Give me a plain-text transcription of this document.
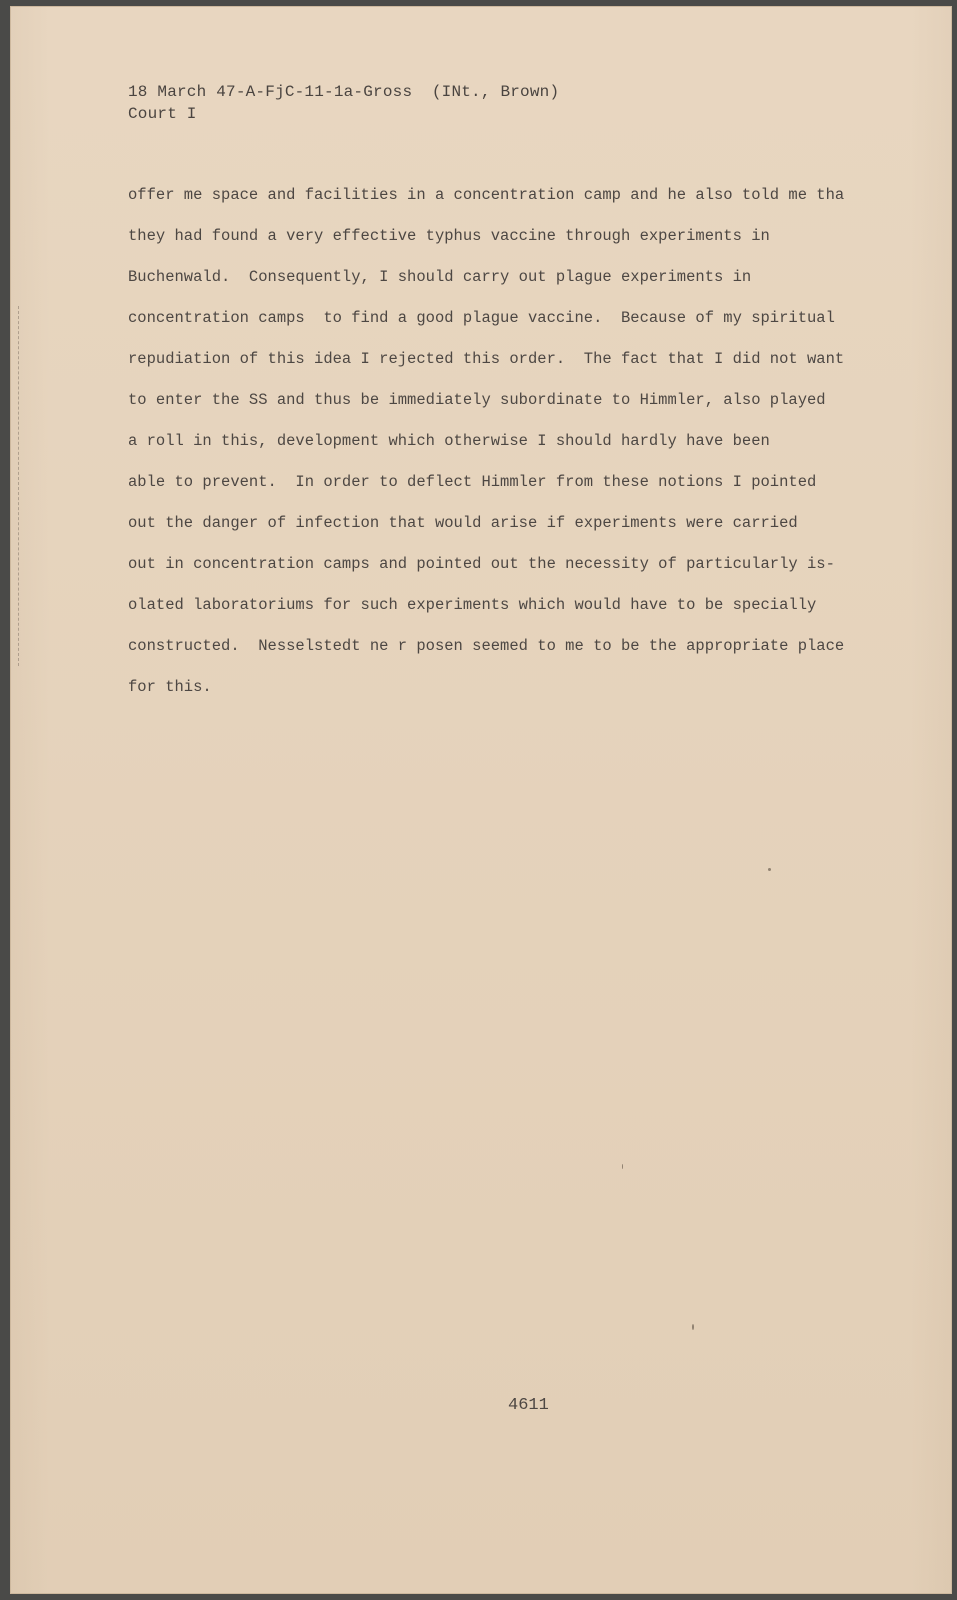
18 March 47-A-FjC-11-1a-Gross  (INt., Brown)
Court I
offer me space and facilities in a concentration camp and he also told me tha
they had found a very effective typhus vaccine through experiments in
Buchenwald.  Consequently, I should carry out plague experiments in
concentration camps  to find a good plague vaccine.  Because of my spiritual
repudiation of this idea I rejected this order.  The fact that I did not want
to enter the SS and thus be immediately subordinate to Himmler, also played
a roll in this, development which otherwise I should hardly have been
able to prevent.  In order to deflect Himmler from these notions I pointed
out the danger of infection that would arise if experiments were carried
out in concentration camps and pointed out the necessity of particularly is-
olated laboratoriums for such experiments which would have to be specially
constructed.  Nesselstedt ne r posen seemed to me to be the appropriate place
for this.
4611
